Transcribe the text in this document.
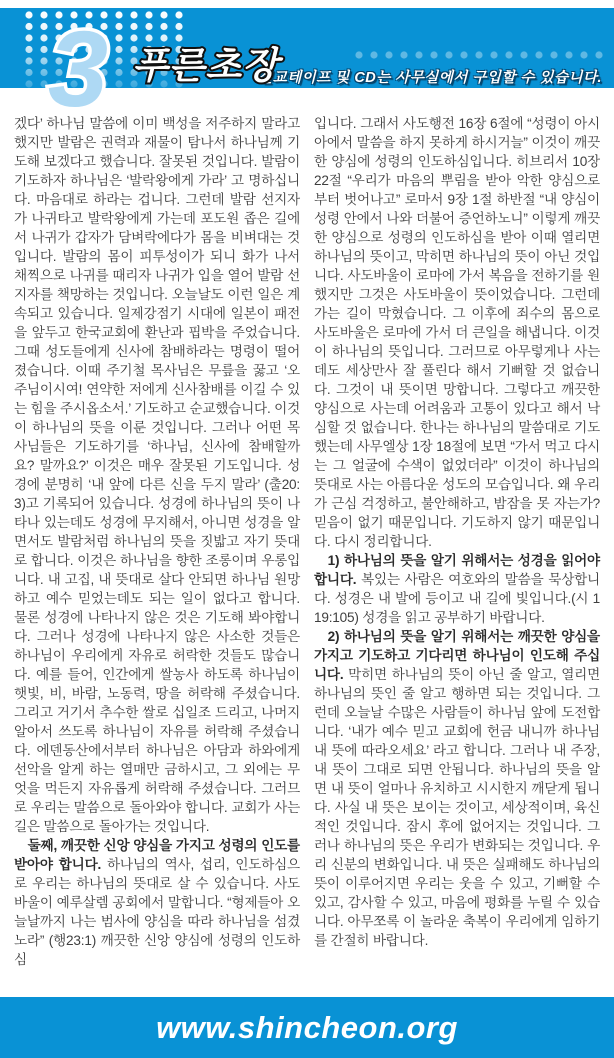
설교테이프 및 CD는 사무실에서 구입할 수 있습니다.
3 푸른초장

겠다’ 하나님 말씀에 이미 백성을 저주하지 말라고 했지만 발람은 권력과 재물이 탐나서 하나님께 기도해 보겠다고 했습니다. 잘못된 것입니다. 발람이 기도하자 하나님은 ‘발락왕에게 가라’ 고 명하십니다. 마음대로 하라는 겁니다. 그런데 발람 선지자가 나귀타고 발락왕에게 가는데 포도원 좁은 길에서 나귀가 갑자가 담벼락에다가 몸을 비벼대는 것입니다. 발람의 몸이 피투성이가 되니 화가 나서 채찍으로 나귀를 때리자 나귀가 입을 열어 발람 선지자를 책망하는 것입니다. 오늘날도 이런 일은 계속되고 있습니다. 일제강점기 시대에 일본이 패전을 앞두고 한국교회에 환난과 핍박을 주었습니다. 그때 성도들에게 신사에 참배하라는 명령이 떨어졌습니다. 이때 주기철 목사님은 무릎을 꿇고 ‘오 주님이시여! 연약한 저에게 신사참배를 이길 수 있는 힘을 주시옵소서.’ 기도하고 순교했습니다. 이것이 하나님의 뜻을 이룬 것입니다. 그러나 어떤 목사님들은 기도하기를 ‘하나님, 신사에 참배할까요? 말까요?’ 이것은 매우 잘못된 기도입니다. 성경에 분명히 ‘내 앞에 다른 신을 두지 말라’ (출20:3)고 기록되어 있습니다. 성경에 하나님의 뜻이 나타나 있는데도 성경에 무지해서, 아니면 성경을 알면서도 발람처럼 하나님의 뜻을 짓밟고 자기 뜻대로 합니다. 이것은 하나님을 향한 조롱이며 우롱입니다. 내 고집, 내 뜻대로 살다 안되면 하나님 원망하고 예수 믿었는데도 되는 일이 없다고 합니다. 물론 성경에 나타나지 않은 것은 기도해 봐야합니다. 그러나 성경에 나타나지 않은 사소한 것들은 하나님이 우리에게 자유로 허락한 것들도 많습니다. 예를 들어, 인간에게 쌀농사 하도록 하나님이 햇빛, 비, 바람, 노동력, 땅을 허락해 주셨습니다. 그리고 거기서 추수한 쌀로 십일조 드리고, 나머지 알아서 쓰도록 하나님이 자유를 허락해 주셨습니다. 에덴동산에서부터 하나님은 아담과 하와에게 선악을 알게 하는 열매만 금하시고, 그 외에는 무엇을 먹든지 자유롭게 허락해 주셨습니다. 그러므로 우리는 말씀으로 돌아와야 합니다. 교회가 사는 길은 말씀으로 돌아가는 것입니다.

둘째, 깨끗한 신앙 양심을 가지고 성령의 인도를 받아야 합니다. 하나님의 역사, 섭리, 인도하심으로 우리는 하나님의 뜻대로 살 수 있습니다. 사도 바울이 예루살렘 공회에서 말합니다. “형제들아 오늘날까지 나는 범사에 양심을 따라 하나님을 섬겼노라” (행23:1) 깨끗한 신앙 양심에 성령의 인도하심

입니다. 그래서 사도행전 16장 6절에 “성령이 아시아에서 말씀을 하지 못하게 하시거늘” 이것이 깨끗한 양심에 성령의 인도하심입니다. 히브리서 10장 22절 “우리가 마음의 뿌림을 받아 악한 양심으로부터 벗어나고” 로마서 9장 1절 하반절 “내 양심이 성령 안에서 나와 더불어 증언하노니” 이렇게 깨끗한 양심으로 성령의 인도하심을 받아 이때 열리면 하나님의 뜻이고, 막히면 하나님의 뜻이 아닌 것입니다. 사도바울이 로마에 가서 복음을 전하기를 원했지만 그것은 사도바울이 뜻이었습니다. 그런데 가는 길이 막혔습니다. 그 이후에 죄수의 몸으로 사도바울은 로마에 가서 더 큰일을 해냅니다. 이것이 하나님의 뜻입니다. 그러므로 아무렇게나 사는데도 세상만사 잘 풀린다 해서 기뻐할 것 없습니다. 그것이 내 뜻이면 망합니다. 그렇다고 깨끗한 양심으로 사는데 어려움과 고통이 있다고 해서 낙심할 것 없습니다. 한나는 하나님의 말씀대로 기도했는데 사무엘상 1장 18절에 보면 “가서 먹고 다시는 그 얼굴에 수색이 없었더라” 이것이 하나님의 뜻대로 사는 아름다운 성도의 모습입니다. 왜 우리가 근심 걱정하고, 불안해하고, 밤잠을 못 자는가? 믿음이 없기 때문입니다. 기도하지 않기 때문입니다. 다시 정리합니다.

1) 하나님의 뜻을 알기 위해서는 성경을 읽어야 합니다. 복있는 사람은 여호와의 말씀을 묵상합니다. 성경은 내 발에 등이고 내 길에 빛입니다.(시 119:105) 성경을 읽고 공부하기 바랍니다.

2) 하나님의 뜻을 알기 위해서는 깨끗한 양심을 가지고 기도하고 기다리면 하나님이 인도해 주십니다. 막히면 하나님의 뜻이 아닌 줄 알고, 열리면 하나님의 뜻인 줄 알고 행하면 되는 것입니다. 그런데 오늘날 수많은 사람들이 하나님 앞에 도전합니다. ‘내가 예수 믿고 교회에 헌금 내니까 하나님 내 뜻에 따라오세요’ 라고 합니다. 그러나 내 주장, 내 뜻이 그대로 되면 안됩니다. 하나님의 뜻을 알면 내 뜻이 얼마나 유치하고 시시한지 깨닫게 됩니다. 사실 내 뜻은 보이는 것이고, 세상적이며, 육신적인 것입니다. 잠시 후에 없어지는 것입니다. 그러나 하나님의 뜻은 우리가 변화되는 것입니다. 우리 신분의 변화입니다. 내 뜻은 실패해도 하나님의 뜻이 이루어지면 우리는 웃을 수 있고, 기뻐할 수 있고, 감사할 수 있고, 마음에 평화를 누릴 수 있습니다. 아무쪼록 이 놀라운 축복이 우리에게 임하기를 간절히 바랍니다.

www.shincheon.org
